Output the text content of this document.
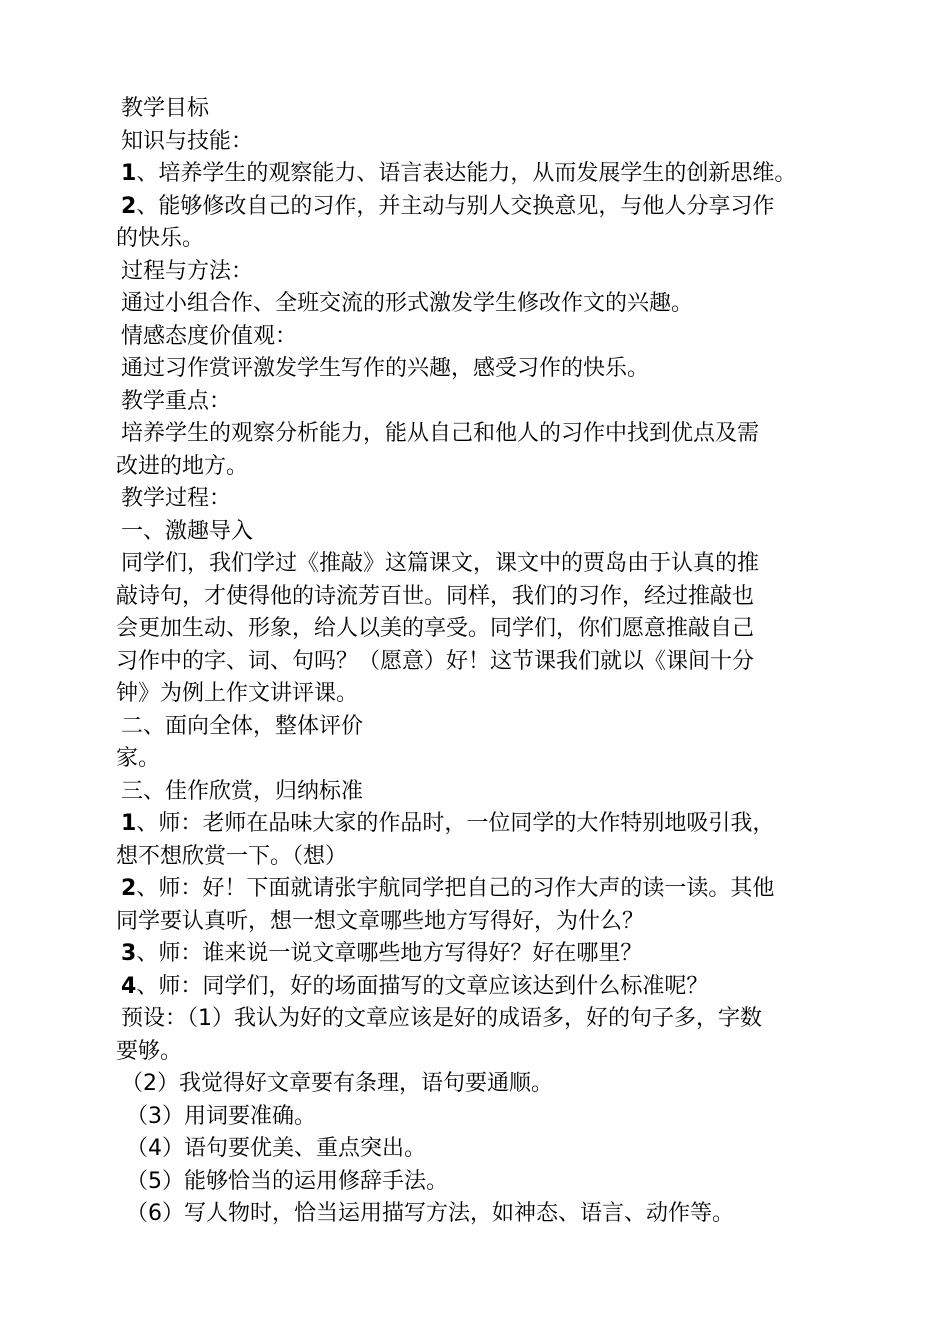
教学目标
知识与技能：
1、培养学生的观察能力、语言表达能力，从而发展学生的创新思维。
2、能够修改自己的习作，并主动与别人交换意见，与他人分享习作
的快乐。
过程与方法：
通过小组合作、全班交流的形式激发学生修改作文的兴趣。
情感态度价值观：
通过习作赏评激发学生写作的兴趣，感受习作的快乐。
教学重点：
培养学生的观察分析能力，能从自己和他人的习作中找到优点及需
改进的地方。
教学过程：
一、激趣导入
同学们，我们学过《推敲》这篇课文，课文中的贾岛由于认真的推
敲诗句，才使得他的诗流芳百世。同样，我们的习作，经过推敲也
会更加生动、形象，给人以美的享受。同学们，你们愿意推敲自己
习作中的字、词、句吗？（愿意）好！这节课我们就以《课间十分
钟》为例上作文讲评课。
二、面向全体，整体评价
家。
三、佳作欣赏，归纳标准
1、师：老师在品味大家的作品时，一位同学的大作特别地吸引我，
想不想欣赏一下。（想）
2、师：好！下面就请张宇航同学把自己的习作大声的读一读。其他
同学要认真听，想一想文章哪些地方写得好，为什么？
3、师：谁来说一说文章哪些地方写得好？好在哪里？
4、师：同学们，好的场面描写的文章应该达到什么标准呢？
预设：（1）我认为好的文章应该是好的成语多，好的句子多，字数
要够。
（2）我觉得好文章要有条理，语句要通顺。
（3）用词要准确。
（4）语句要优美、重点突出。
（5）能够恰当的运用修辞手法。
（6）写人物时，恰当运用描写方法，如神态、语言、动作等。
